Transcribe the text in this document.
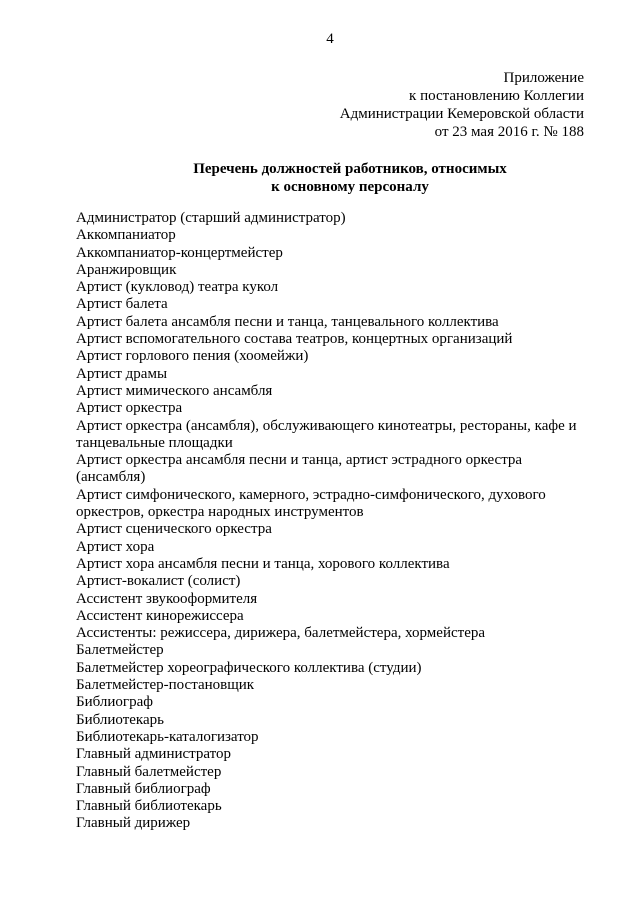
4
Приложение
к постановлению Коллегии
Администрации Кемеровской области
от 23 мая 2016 г. № 188
Перечень должностей работников, относимых
к основному персоналу
Администратор (старший администратор)
Аккомпаниатор
Аккомпаниатор-концертмейстер
Аранжировщик
Артист (кукловод) театра кукол
Артист балета
Артист балета ансамбля песни и танца, танцевального коллектива
Артист вспомогательного состава театров, концертных организаций
Артист горлового пения (хоомейжи)
Артист драмы
Артист мимического ансамбля
Артист оркестра
Артист оркестра (ансамбля), обслуживающего кинотеатры, рестораны, кафе и
танцевальные площадки
Артист оркестра ансамбля песни и танца, артист эстрадного оркестра
(ансамбля)
Артист симфонического, камерного, эстрадно-симфонического, духового
оркестров, оркестра народных инструментов
Артист сценического оркестра
Артист хора
Артист хора ансамбля песни и танца, хорового коллектива
Артист-вокалист (солист)
Ассистент звукооформителя
Ассистент кинорежиссера
Ассистенты: режиссера, дирижера, балетмейстера, хормейстера
Балетмейстер
Балетмейстер хореографического коллектива (студии)
Балетмейстер-постановщик
Библиограф
Библиотекарь
Библиотекарь-каталогизатор
Главный администратор
Главный балетмейстер
Главный библиограф
Главный библиотекарь
Главный дирижер
